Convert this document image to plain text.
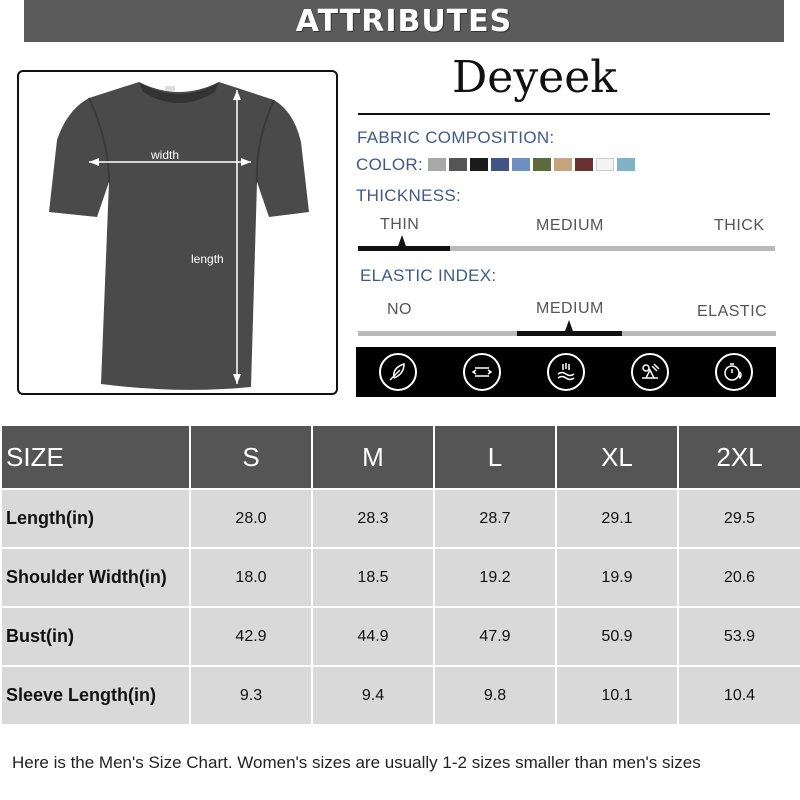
ATTRIBUTES
width
length
Deyeek
FABRIC COMPOSITION:
COLOR:
THICKNESS:
THIN	MEDIUM	THICK
ELASTIC INDEX:
NO	MEDIUM	ELASTIC
SIZE	S	M	L	XL	2XL
Length(in)	28.0	28.3	28.7	29.1	29.5
Shoulder Width(in)	18.0	18.5	19.2	19.9	20.6
Bust(in)	42.9	44.9	47.9	50.9	53.9
Sleeve Length(in)	9.3	9.4	9.8	10.1	10.4
Here is the Men's Size Chart. Women's sizes are usually 1-2 sizes smaller than men's sizes
